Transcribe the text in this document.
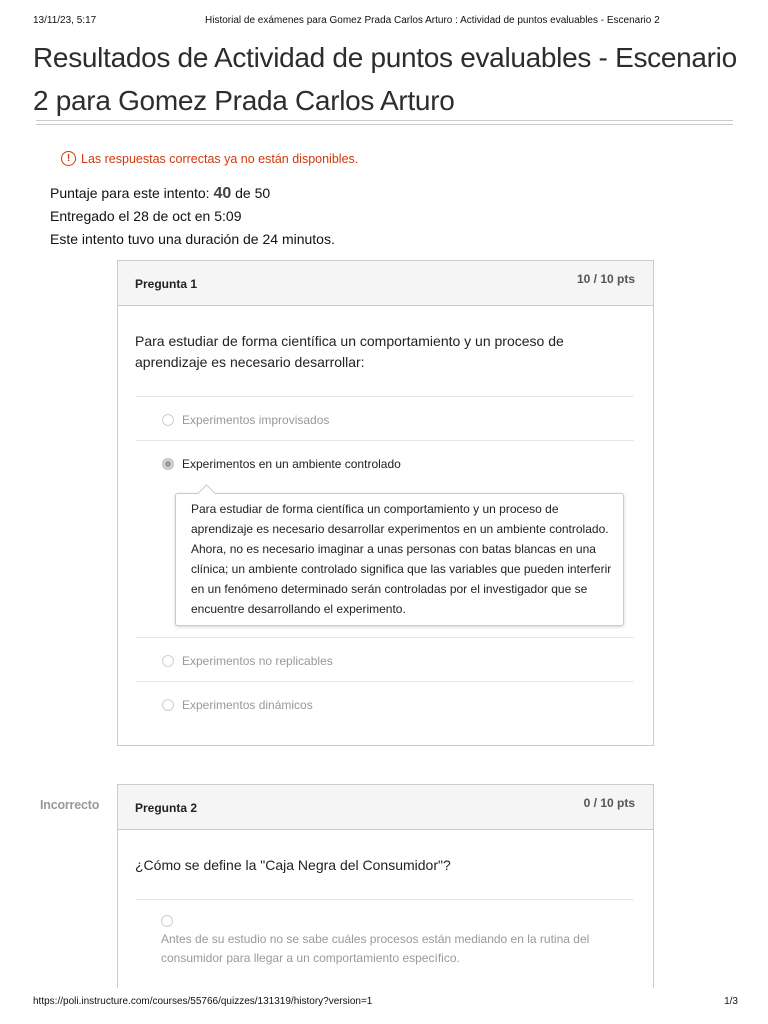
13/11/23, 5:17	Historial de exámenes para Gomez Prada Carlos Arturo : Actividad de puntos evaluables - Escenario 2
Resultados de Actividad de puntos evaluables - Escenario 2 para Gomez Prada Carlos Arturo
! Las respuestas correctas ya no están disponibles.
Puntaje para este intento: 40 de 50
Entregado el 28 de oct en 5:09
Este intento tuvo una duración de 24 minutos.
Pregunta 1	10 / 10 pts
Para estudiar de forma científica un comportamiento y un proceso de aprendizaje es necesario desarrollar:
Experimentos improvisados
Experimentos en un ambiente controlado
Para estudiar de forma científica un comportamiento y un proceso de aprendizaje es necesario desarrollar experimentos en un ambiente controlado. Ahora, no es necesario imaginar a unas personas con batas blancas en una clínica; un ambiente controlado significa que las variables que pueden interferir en un fenómeno determinado serán controladas por el investigador que se encuentre desarrollando el experimento.
Experimentos no replicables
Experimentos dinámicos
Incorrecto	Pregunta 2	0 / 10 pts
¿Cómo se define la "Caja Negra del Consumidor"?
Antes de su estudio no se sabe cuáles procesos están mediando en la rutina del consumidor para llegar a un comportamiento específico.
https://poli.instructure.com/courses/55766/quizzes/131319/history?version=1	1/3
